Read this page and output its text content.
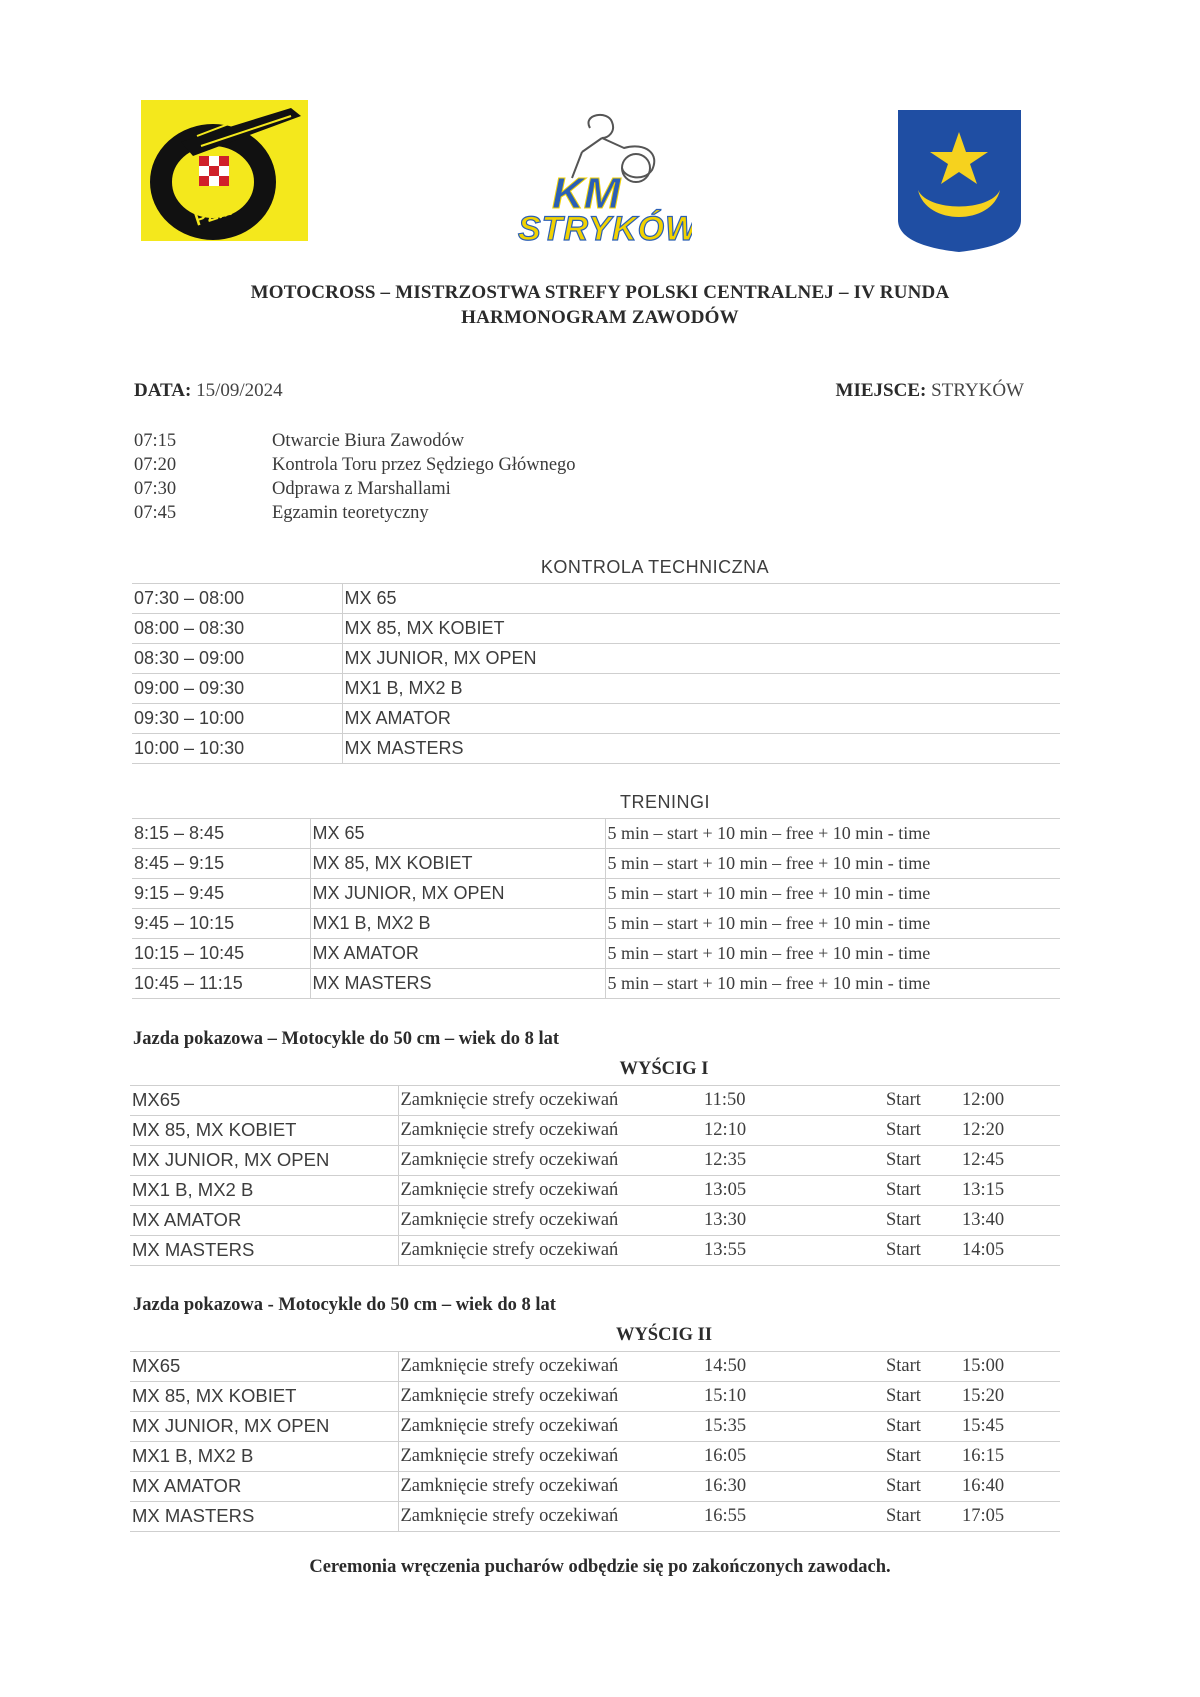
PZM	KM
STRYKÓW
MOTOCROSS – MISTRZOSTWA STREFY POLSKI CENTRALNEJ – IV RUNDA
HARMONOGRAM ZAWODÓW
DATA: 15/09/2024	MIEJSCE: STRYKÓW
07:15	Otwarcie Biura Zawodów
07:20	Kontrola Toru przez Sędziego Głównego
07:30	Odprawa z Marshallami
07:45	Egzamin teoretyczny
KONTROLA TECHNICZNA	
07:30 – 08:00	MX 65
08:00 – 08:30	MX 85, MX KOBIET
08:30 – 09:00	MX JUNIOR, MX OPEN
09:00 – 09:30	MX1 B, MX2 B
09:30 – 10:00	MX AMATOR
10:00 – 10:30	MX MASTERS
TRENINGI		
8:15 – 8:45	MX 65	5 min – start + 10 min – free + 10 min - time
8:45 – 9:15	MX 85, MX KOBIET	5 min – start + 10 min – free + 10 min - time
9:15 – 9:45	MX JUNIOR, MX OPEN	5 min – start + 10 min – free + 10 min - time
9:45 – 10:15	MX1 B, MX2 B	5 min – start + 10 min – free + 10 min - time
10:15 – 10:45	MX AMATOR	5 min – start + 10 min – free + 10 min - time
10:45 – 11:15	MX MASTERS	5 min – start + 10 min – free + 10 min - time
Jazda pokazowa – Motocykle do 50 cm – wiek do 8 lat
WYŚCIG I				
MX65	Zamknięcie strefy oczekiwań	11:50	Start	12:00
MX 85, MX KOBIET	Zamknięcie strefy oczekiwań	12:10	Start	12:20
MX JUNIOR, MX OPEN	Zamknięcie strefy oczekiwań	12:35	Start	12:45
MX1 B, MX2 B	Zamknięcie strefy oczekiwań	13:05	Start	13:15
MX AMATOR	Zamknięcie strefy oczekiwań	13:30	Start	13:40
MX MASTERS	Zamknięcie strefy oczekiwań	13:55	Start	14:05
Jazda pokazowa - Motocykle do 50 cm – wiek do 8 lat
WYŚCIG II				
MX65	Zamknięcie strefy oczekiwań	14:50	Start	15:00
MX 85, MX KOBIET	Zamknięcie strefy oczekiwań	15:10	Start	15:20
MX JUNIOR, MX OPEN	Zamknięcie strefy oczekiwań	15:35	Start	15:45
MX1 B, MX2 B	Zamknięcie strefy oczekiwań	16:05	Start	16:15
MX AMATOR	Zamknięcie strefy oczekiwań	16:30	Start	16:40
MX MASTERS	Zamknięcie strefy oczekiwań	16:55	Start	17:05
Ceremonia wręczenia pucharów odbędzie się po zakończonych zawodach.
